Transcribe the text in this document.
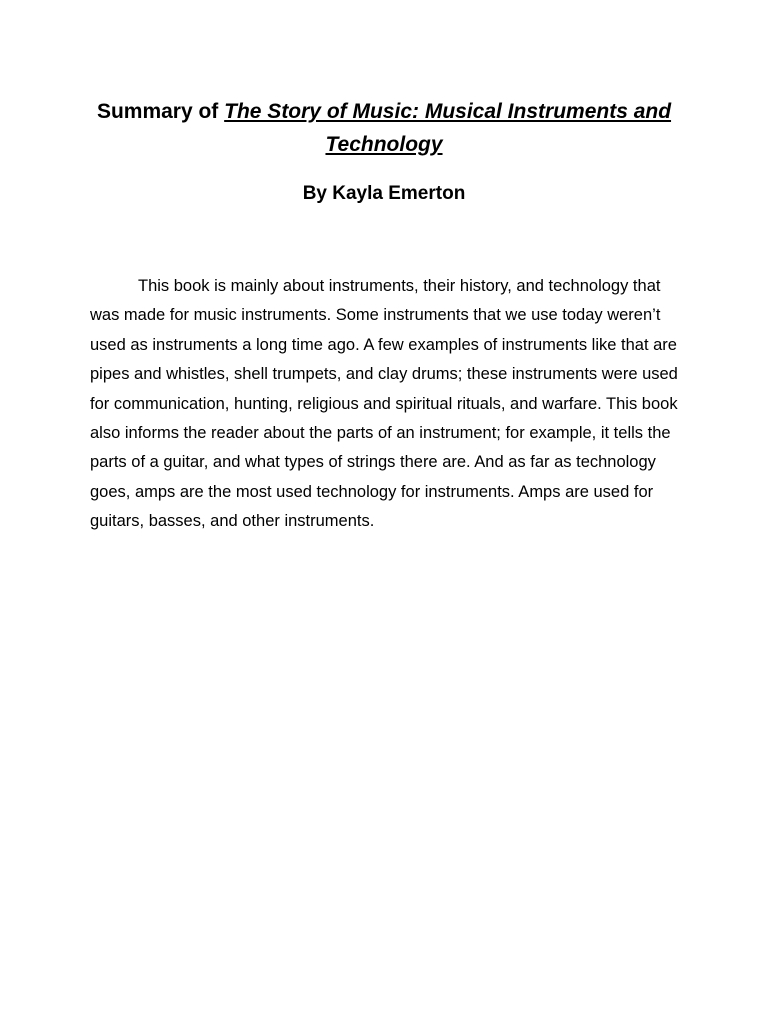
Summary of The Story of Music: Musical Instruments and Technology

By Kayla Emerton

This book is mainly about instruments, their history, and technology that was made for music instruments. Some instruments that we use today weren’t used as instruments a long time ago. A few examples of instruments like that are pipes and whistles, shell trumpets, and clay drums; these instruments were used for communication, hunting, religious and spiritual rituals, and warfare. This book also informs the reader about the parts of an instrument; for example, it tells the parts of a guitar, and what types of strings there are. And as far as technology goes, amps are the most used technology for instruments. Amps are used for guitars, basses, and other instruments.
